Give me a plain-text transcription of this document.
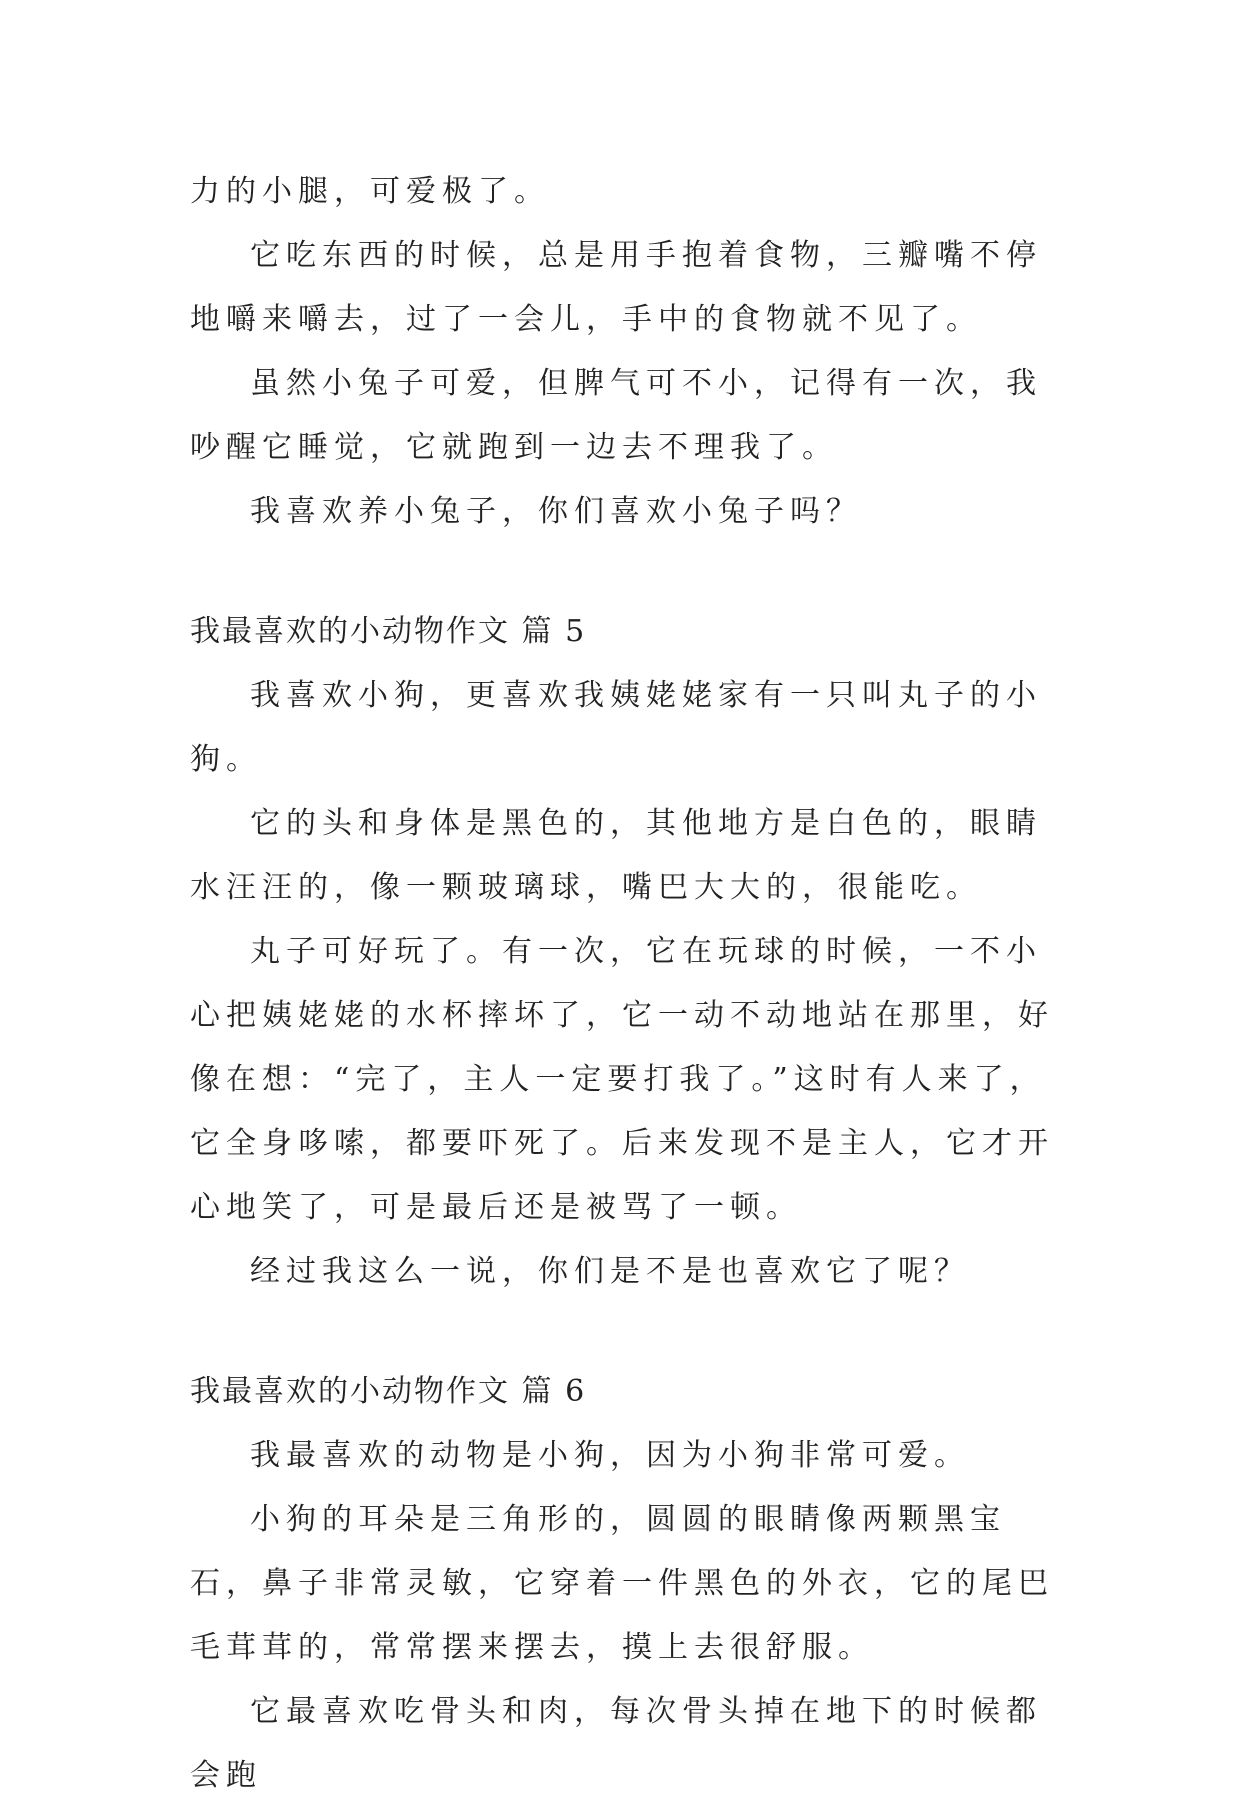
力的小腿，可爱极了。

它吃东西的时候，总是用手抱着食物，三瓣嘴不停地嚼来嚼去，过了一会儿，手中的食物就不见了。

虽然小兔子可爱，但脾气可不小，记得有一次，我吵醒它睡觉，它就跑到一边去不理我了。

我喜欢养小兔子，你们喜欢小兔子吗？

我最喜欢的小动物作文 篇 5

我喜欢小狗，更喜欢我姨姥姥家有一只叫丸子的小狗。

它的头和身体是黑色的，其他地方是白色的，眼睛水汪汪的，像一颗玻璃球，嘴巴大大的，很能吃。

丸子可好玩了。有一次，它在玩球的时候，一不小心把姨姥姥的水杯摔坏了，它一动不动地站在那里，好像在想：“完了，主人一定要打我了。”这时有人来了，它全身哆嗦，都要吓死了。后来发现不是主人，它才开心地笑了，可是最后还是被骂了一顿。

经过我这么一说，你们是不是也喜欢它了呢？

我最喜欢的小动物作文 篇 6

我最喜欢的动物是小狗，因为小狗非常可爱。

小狗的耳朵是三角形的，圆圆的眼睛像两颗黑宝石，鼻子非常灵敏，它穿着一件黑色的外衣，它的尾巴毛茸茸的，常常摆来摆去，摸上去很舒服。

它最喜欢吃骨头和肉，每次骨头掉在地下的时候都会跑
